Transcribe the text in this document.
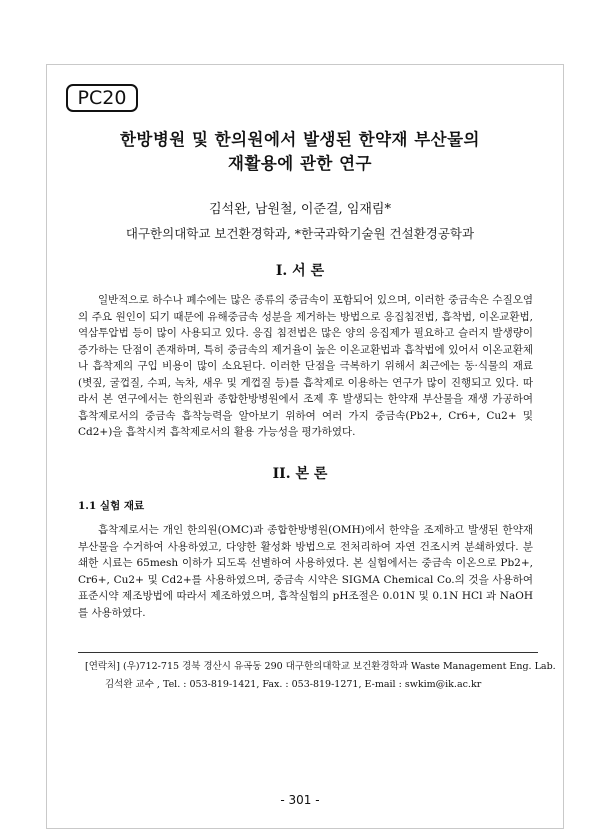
PC20
한방병원 및 한의원에서 발생된 한약재 부산물의
재활용에 관한 연구
김석완, 남원철, 이준걸, 임재림*
대구한의대학교 보건환경학과, *한국과학기술원 건설환경공학과
I. 서 론

일반적으로 하수나 폐수에는 많은 종류의 중금속이 포함되어 있으며, 이러한 중금속은 수질오염의 주요 원인이 되기 때문에 유해중금속 성분을 제거하는 방법으로 응집침전법, 흡착법, 이온교환법, 역삼투압법 등이 많이 사용되고 있다. 응집 침전법은 많은 양의 응집제가 필요하고 슬러지 발생량이 증가하는 단점이 존재하며, 특히 중금속의 제거율이 높은 이온교환법과 흡착법에 있어서 이온교환체나 흡착제의 구입 비용이 많이 소요된다. 이러한 단점을 극복하기 위해서 최근에는 동·식물의 재료(볏짚, 굴껍질, 수피, 녹차, 새우 및 게껍질 등)를 흡착제로 이용하는 연구가 많이 진행되고 있다. 따라서 본 연구에서는 한의원과 종합한방병원에서 조제 후 발생되는 한약재 부산물을 재생 가공하여 흡착제로서의 중금속 흡착능력을 알아보기 위하여 여러 가지 중금속(Pb2+, Cr6+, Cu2+ 및 Cd2+)을 흡착시켜 흡착제로서의 활용 가능성을 평가하였다.

II. 본 론
1.1 실험 재료

흡착제로서는 개인 한의원(OMC)과 종합한방병원(OMH)에서 한약을 조제하고 발생된 한약재 부산물을 수거하여 사용하였고, 다양한 활성화 방법으로 전처리하여 자연 건조시켜 분쇄하였다. 분쇄한 시료는 65mesh 이하가 되도록 선별하여 사용하였다. 본 실험에서는 중금속 이온으로 Pb2+, Cr6+, Cu2+ 및 Cd2+를 사용하였으며, 중금속 시약은 SIGMA Chemical Co.의 것을 사용하여 표준시약 제조방법에 따라서 제조하였으며, 흡착실험의 pH조절은 0.01N 및 0.1N HCl 과 NaOH를 사용하였다.

[연락처] (우)712-715 경북 경산시 유곡동 290 대구한의대학교 보건환경학과 Waste Management Eng. Lab.
김석완 교수 , Tel. : 053-819-1421, Fax. : 053-819-1271, E-mail : swkim@ik.ac.kr
- 301 -
